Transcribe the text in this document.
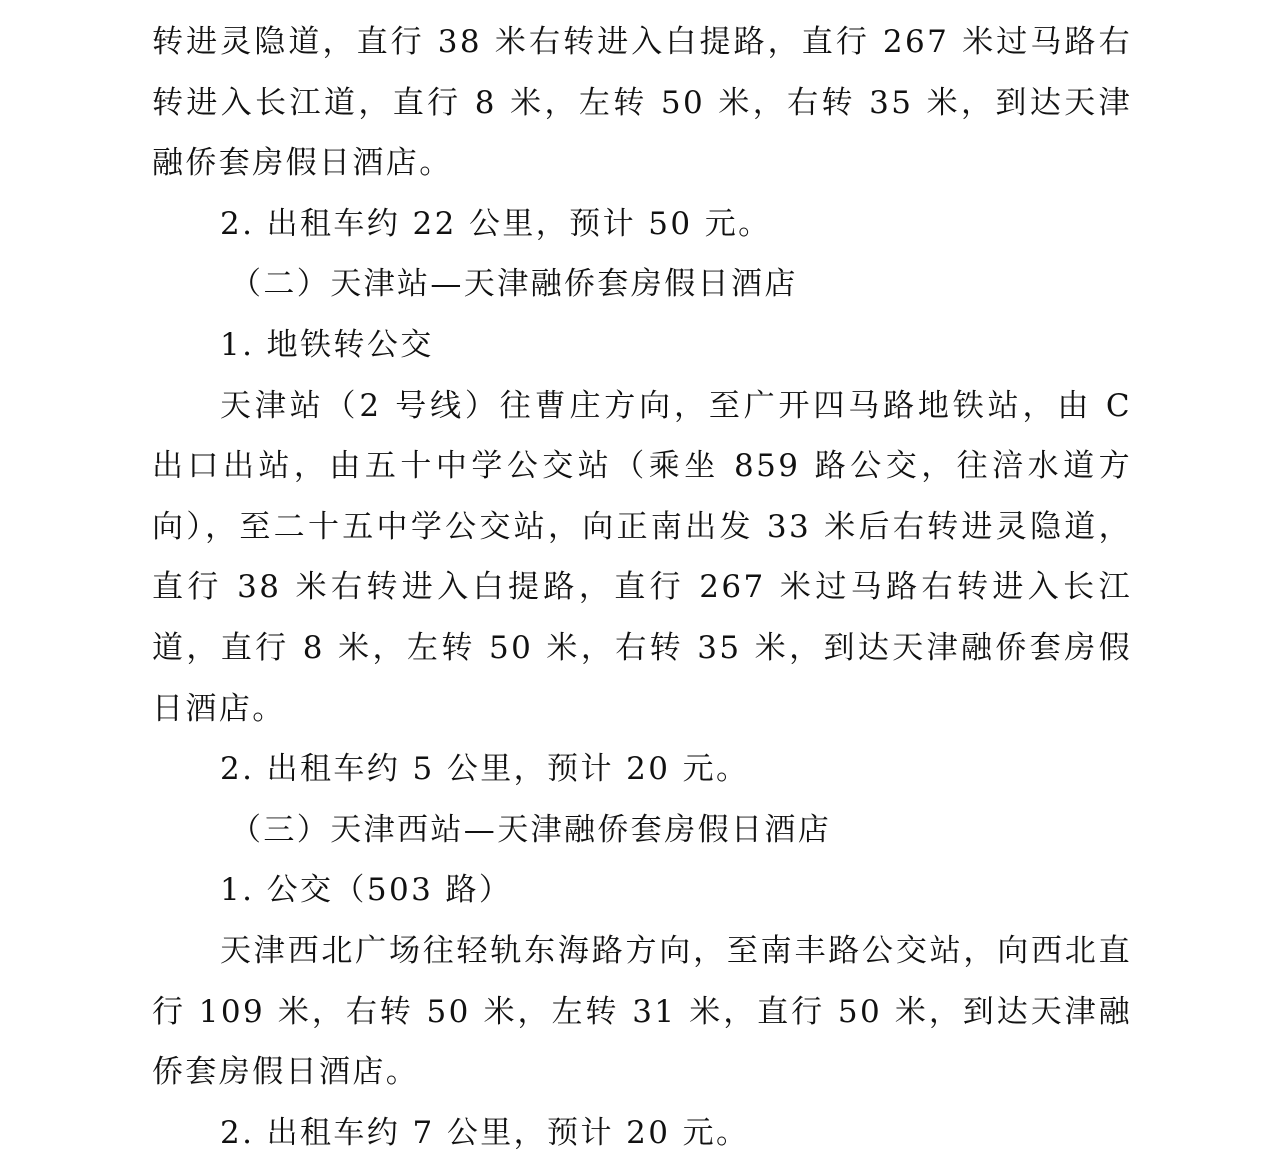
转进灵隐道，直行 38 米右转进入白提路，直行 267 米过马路右转进入长江道，直行 8 米，左转 50 米，右转 35 米，到达天津融侨套房假日酒店。

2. 出租车约 22 公里，预计 50 元。

（二）天津站—天津融侨套房假日酒店

1. 地铁转公交

天津站（2 号线）往曹庄方向，至广开四马路地铁站，由 C 出口出站，由五十中学公交站（乘坐 859 路公交，往涪水道方向），至二十五中学公交站，向正南出发 33 米后右转进灵隐道，直行 38 米右转进入白提路，直行 267 米过马路右转进入长江道，直行 8 米，左转 50 米，右转 35 米，到达天津融侨套房假日酒店。

2. 出租车约 5 公里，预计 20 元。

（三）天津西站—天津融侨套房假日酒店

1. 公交（503 路）

天津西北广场往轻轨东海路方向，至南丰路公交站，向西北直行 109 米，右转 50 米，左转 31 米，直行 50 米，到达天津融侨套房假日酒店。

2. 出租车约 7 公里，预计 20 元。
